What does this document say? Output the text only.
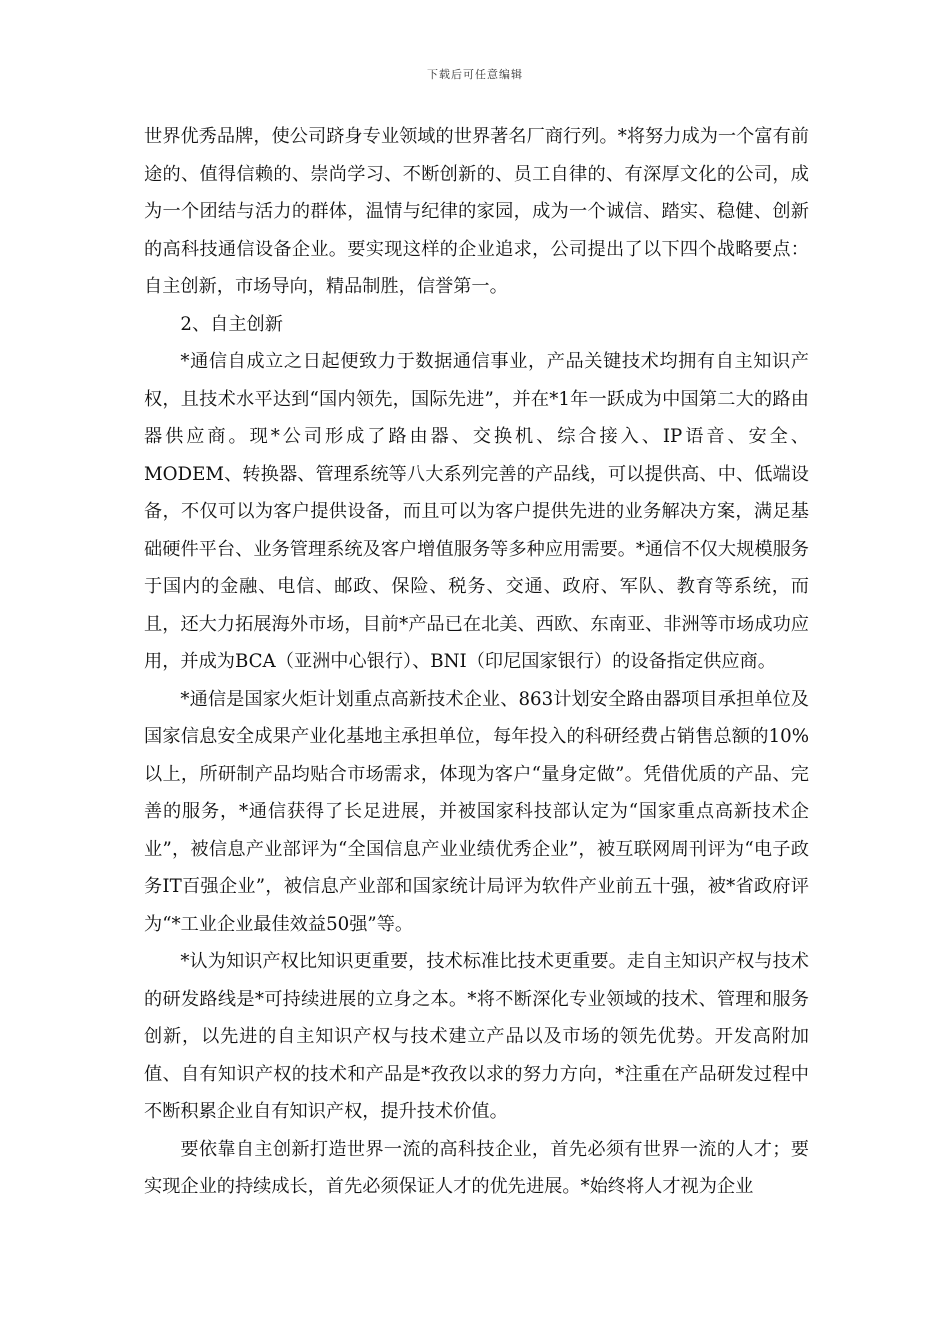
下载后可任意编辑

世界优秀品牌，使公司跻身专业领域的世界著名厂商行列。*将努力成为一个富有前途的、值得信赖的、崇尚学习、不断创新的、员工自律的、有深厚文化的公司，成为一个团结与活力的群体，温情与纪律的家园，成为一个诚信、踏实、稳健、创新的高科技通信设备企业。要实现这样的企业追求，公司提出了以下四个战略要点：自主创新，市场导向，精品制胜，信誉第一。

2、自主创新

*通信自成立之日起便致力于数据通信事业，产品关键技术均拥有自主知识产权，且技术水平达到“国内领先，国际先进”，并在*1年一跃成为中国第二大的路由器供应商。现*公司形成了路由器、交换机、综合接入、IP语音、安全、MODEM、转换器、管理系统等八大系列完善的产品线，可以提供高、中、低端设备，不仅可以为客户提供设备，而且可以为客户提供先进的业务解决方案，满足基础硬件平台、业务管理系统及客户增值服务等多种应用需要。*通信不仅大规模服务于国内的金融、电信、邮政、保险、税务、交通、政府、军队、教育等系统，而且，还大力拓展海外市场，目前*产品已在北美、西欧、东南亚、非洲等市场成功应用，并成为BCA（亚洲中心银行）、BNI（印尼国家银行）的设备指定供应商。

*通信是国家火炬计划重点高新技术企业、863计划安全路由器项目承担单位及国家信息安全成果产业化基地主承担单位，每年投入的科研经费占销售总额的10%以上，所研制产品均贴合市场需求，体现为客户“量身定做”。凭借优质的产品、完善的服务，*通信获得了长足进展，并被国家科技部认定为“国家重点高新技术企业”，被信息产业部评为“全国信息产业业绩优秀企业”，被互联网周刊评为“电子政务IT百强企业”，被信息产业部和国家统计局评为软件产业前五十强，被*省政府评为“*工业企业最佳效益50强”等。

*认为知识产权比知识更重要，技术标准比技术更重要。走自主知识产权与技术的研发路线是*可持续进展的立身之本。*将不断深化专业领域的技术、管理和服务创新，以先进的自主知识产权与技术建立产品以及市场的领先优势。开发高附加值、自有知识产权的技术和产品是*孜孜以求的努力方向，*注重在产品研发过程中不断积累企业自有知识产权，提升技术价值。

要依靠自主创新打造世界一流的高科技企业，首先必须有世界一流的人才；要实现企业的持续成长，首先必须保证人才的优先进展。*始终将人才视为企业
